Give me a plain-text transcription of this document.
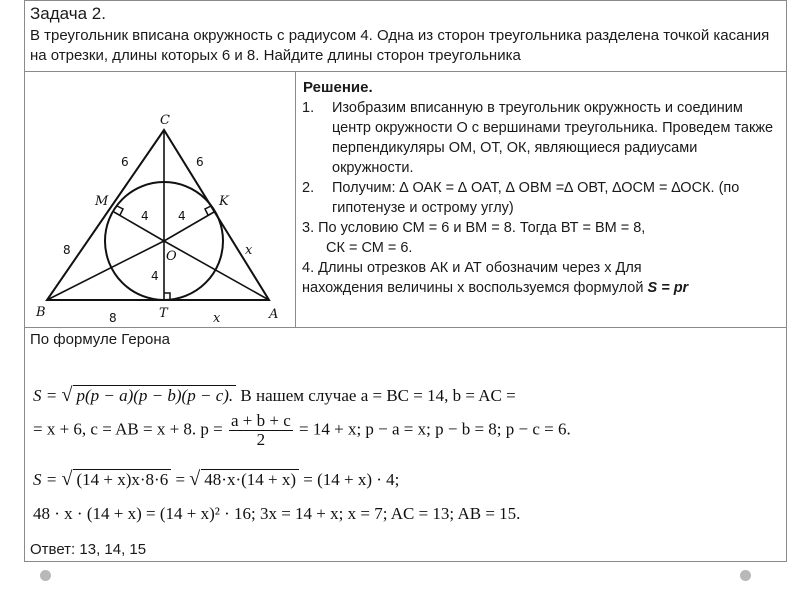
Задача 2.
В треугольник вписана окружность с радиусом 4. Одна из сторон треугольника разделена точкой касания на отрезки, длины которых 6 и 8. Найдите длины сторон треугольника
C
B	A
M	K
T
O
6	6
8
8
x
x
4 4
4
Решение.
1. Изобразим вписанную в треугольник окружность и соединим центр окружности О с вершинами треугольника. Проведем также перпендикуляры ОМ, ОТ, ОК, являющиеся радиусами окружности.
2. Получим: ∆ ОАК = ∆ ОАТ, ∆ ОВМ =∆ ОВТ, ∆ОСМ = ∆ОСК. (по гипотенузе и острому углу)
3. По условию СМ = 6 и ВМ = 8. Тогда ВТ = ВМ = 8,
СК = СМ = 6.
4. Длины отрезков АК и АТ обозначим через х Для
нахождения величины х воспользуемся формулой S = pr
По формуле Герона
S = √ p(p − a)(p − b)(p − c). В нашем случае a = BC = 14, b = AC =
= x + 6, c = AB = x + 8. $p = \frac{a + b + c}{2} = 14 + x$; p − a = x; p − b = 8; p − c = 6.
S = √ (14 + x)x·8·6 = √ 48·x·(14 + x) = (14 + x) · 4;
48 · x · (14 + x) = (14 + x)² · 16; 3x = 14 + x; x = 7; AC = 13; AB = 15.
Ответ: 13, 14, 15
